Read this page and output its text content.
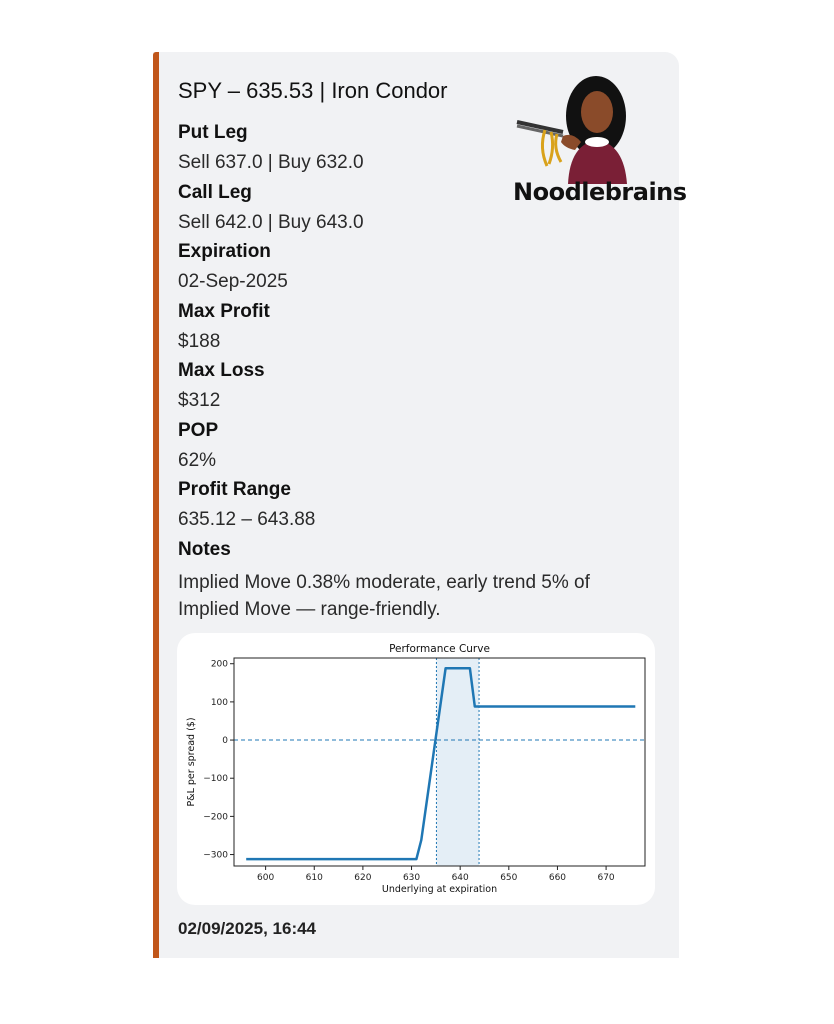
SPY – 635.53 | Iron Condor
Noodlebrains
Put Leg
Sell 637.0 | Buy 632.0
Call Leg
Sell 642.0 | Buy 643.0
Expiration
02-Sep-2025
Max Profit
$188
Max Loss
$312
POP
62%
Profit Range
635.12 – 643.88
Notes
Implied Move 0.38% moderate, early trend 5% of Implied Move — range-friendly.
600	610	620	630	640	650	660	670
200
100
0
−100
−200
−300
Performance Curve
Underlying at expiration
P&L per spread ($)
02/09/2025, 16:44
